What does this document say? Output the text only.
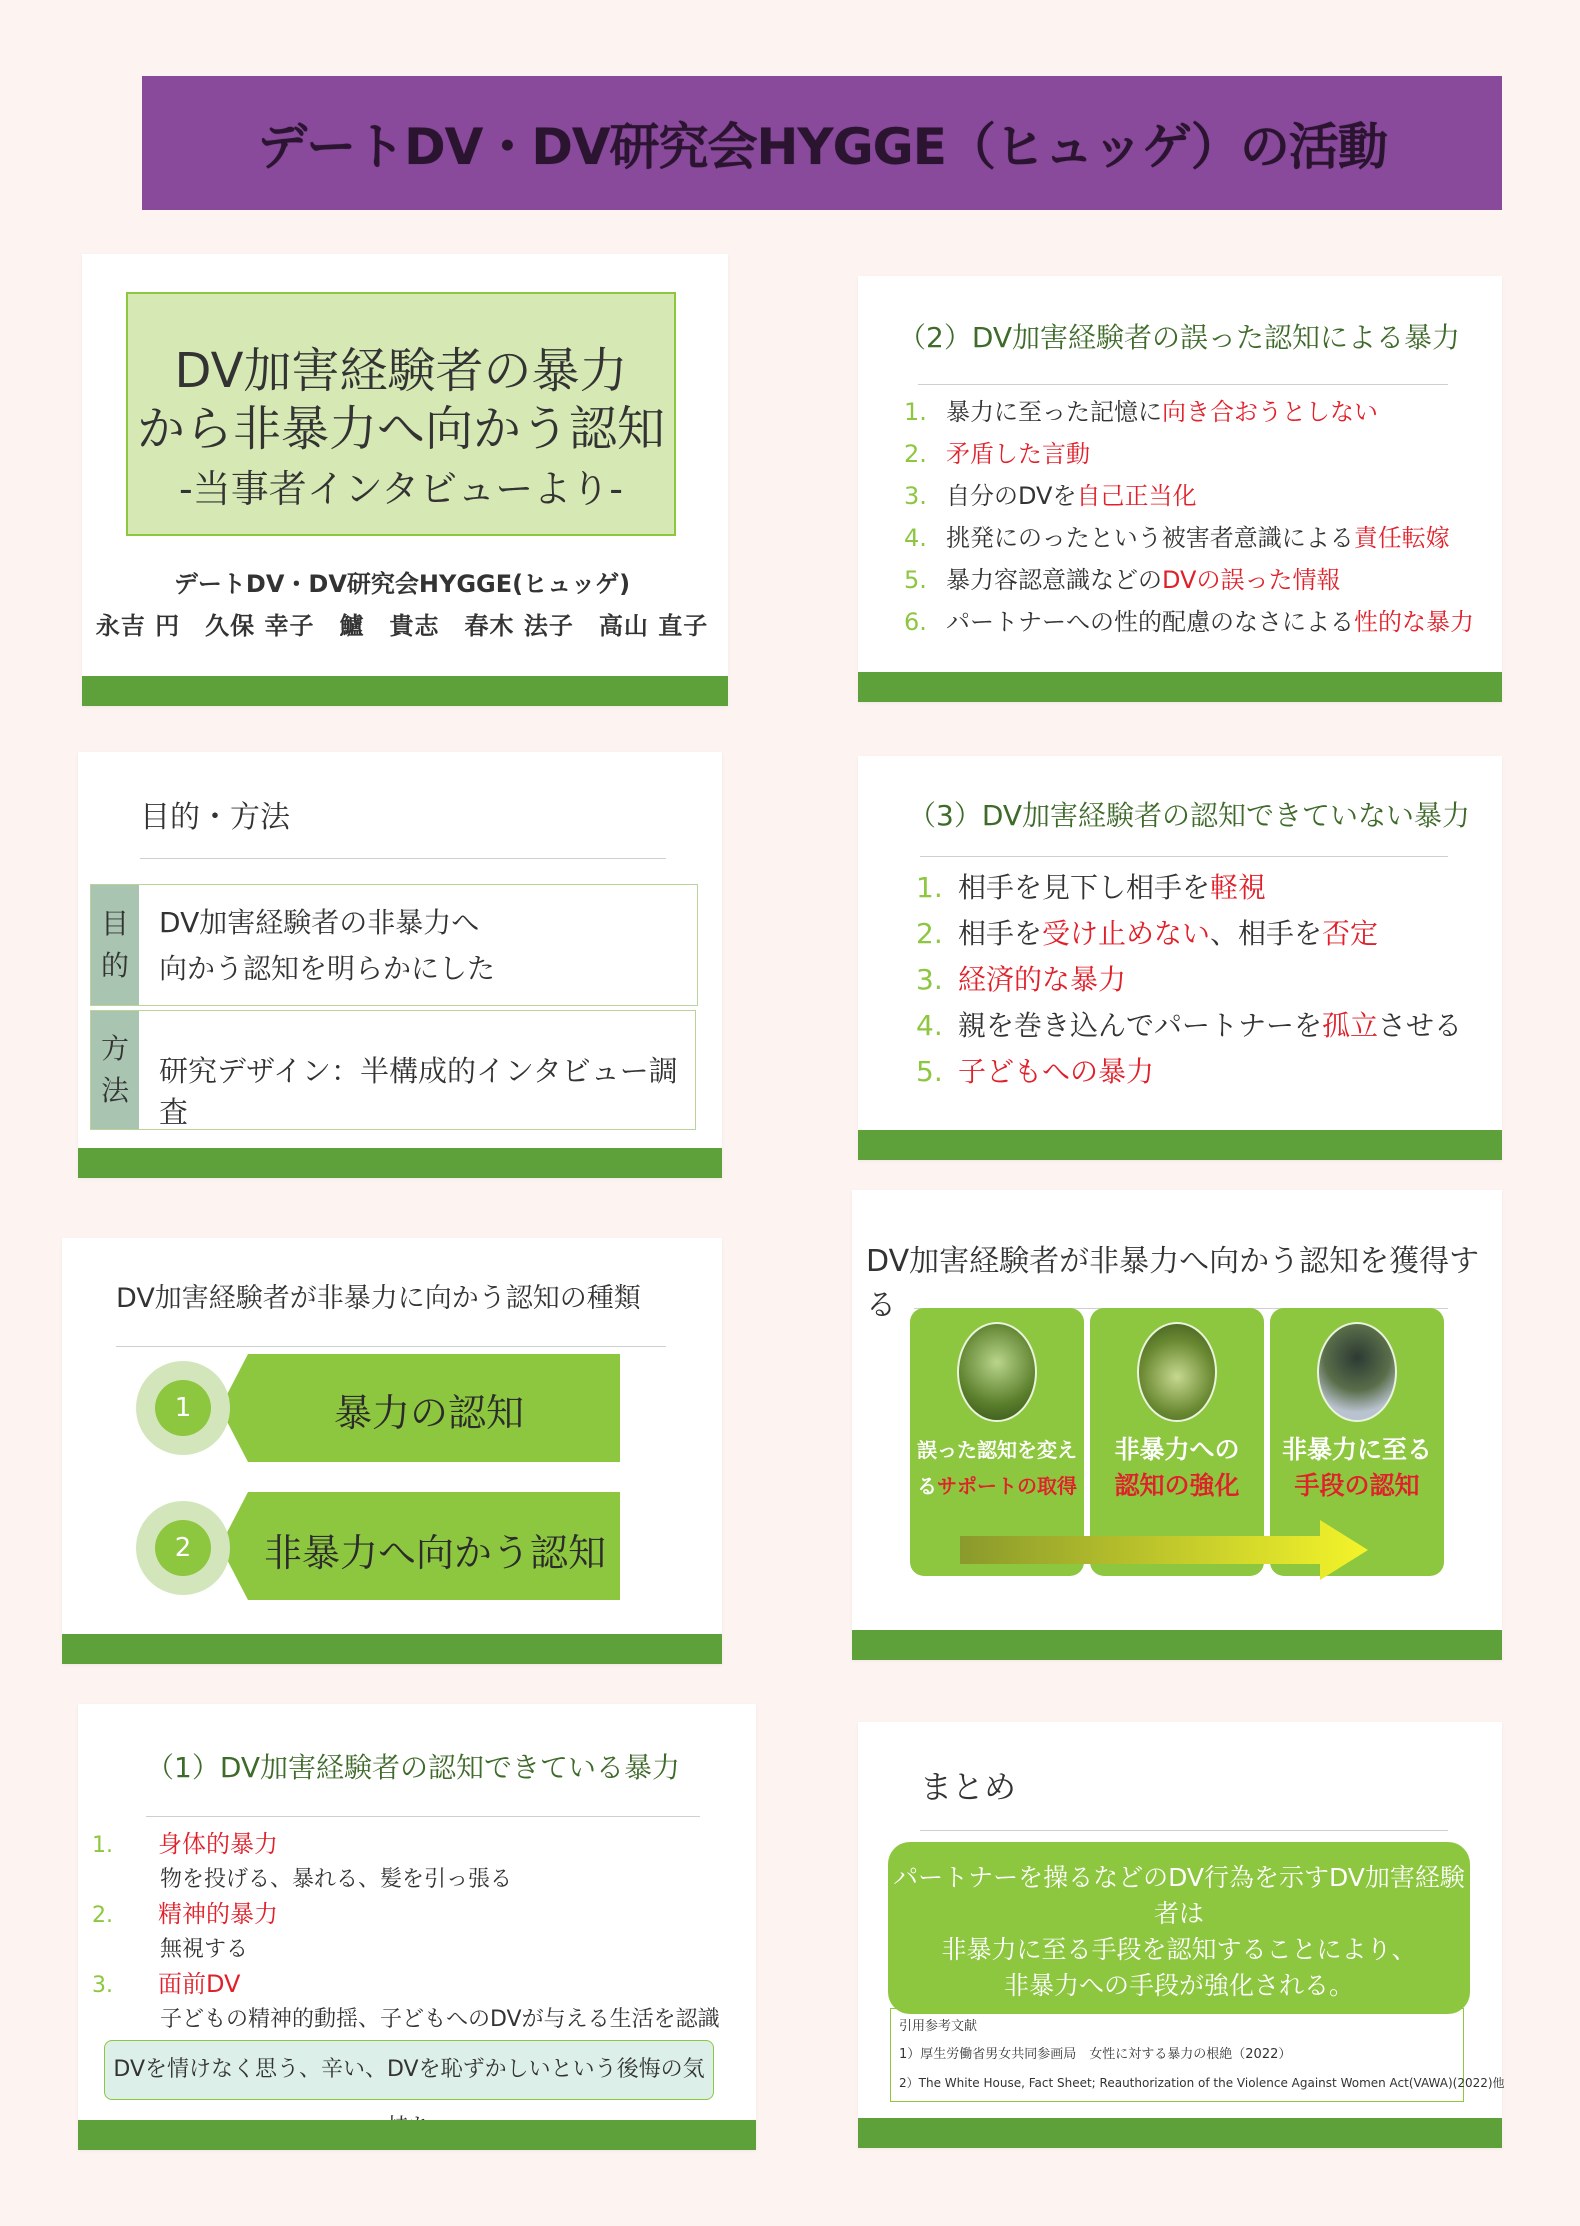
デートDV・DV研究会HYGGE（ヒュッゲ）の活動
DV加害経験者の暴力
から非暴力へ向かう認知
-当事者インタビューより-
デートDV・DV研究会HYGGE(ヒュッゲ)
永吉 円　久保 幸子　鱸　貴志　春木 法子　高山 直子
（2）DV加害経験者の誤った認知による暴力
1. 暴力に至った記憶に向き合おうとしない
2. 矛盾した言動
3. 自分のDVを自己正当化
4. 挑発にのったという被害者意識による責任転嫁
5. 暴力容認意識などのDVの誤った情報
6. パートナーへの性的配慮のなさによる性的な暴力
目的・方法
目
的
DV加害経験者の非暴力へ
向かう認知を明らかにした
方
法
研究デザイン：半構成的インタビュー調査
（3）DV加害経験者の認知できていない暴力
1. 相手を見下し相手を軽視
2. 相手を受け止めない、相手を否定
3. 経済的な暴力
4. 親を巻き込んでパートナーを孤立させる
5. 子どもへの暴力
DV加害経験者が非暴力に向かう認知の種類
1	暴力の認知
2	非暴力へ向かう認知
DV加害経験者が非暴力へ向かう認知を獲得する
誤った認知を変え
るサポートの取得
非暴力への
認知の強化
非暴力に至る
手段の認知
（1）DV加害経験者の認知できている暴力
1. 身体的暴力
物を投げる、暴れる、髪を引っ張る
2. 精神的暴力
無視する
3. 面前DV
子どもの精神的動揺、子どもへのDVが与える生活を認識
DVを情けなく思う、辛い、DVを恥ずかしいという後悔の気
まとめ
パートナーを操るなどのDV行為を示すDV加害経験者は
非暴力に至る手段を認知することにより、
非暴力への手段が強化される。
引用参考文献
1）厚生労働省男女共同参画局　女性に対する暴力の根絶（2022）
2）The White House, Fact Sheet; Reauthorization of the Violence Against Women Act(VAWA)(2022)他
